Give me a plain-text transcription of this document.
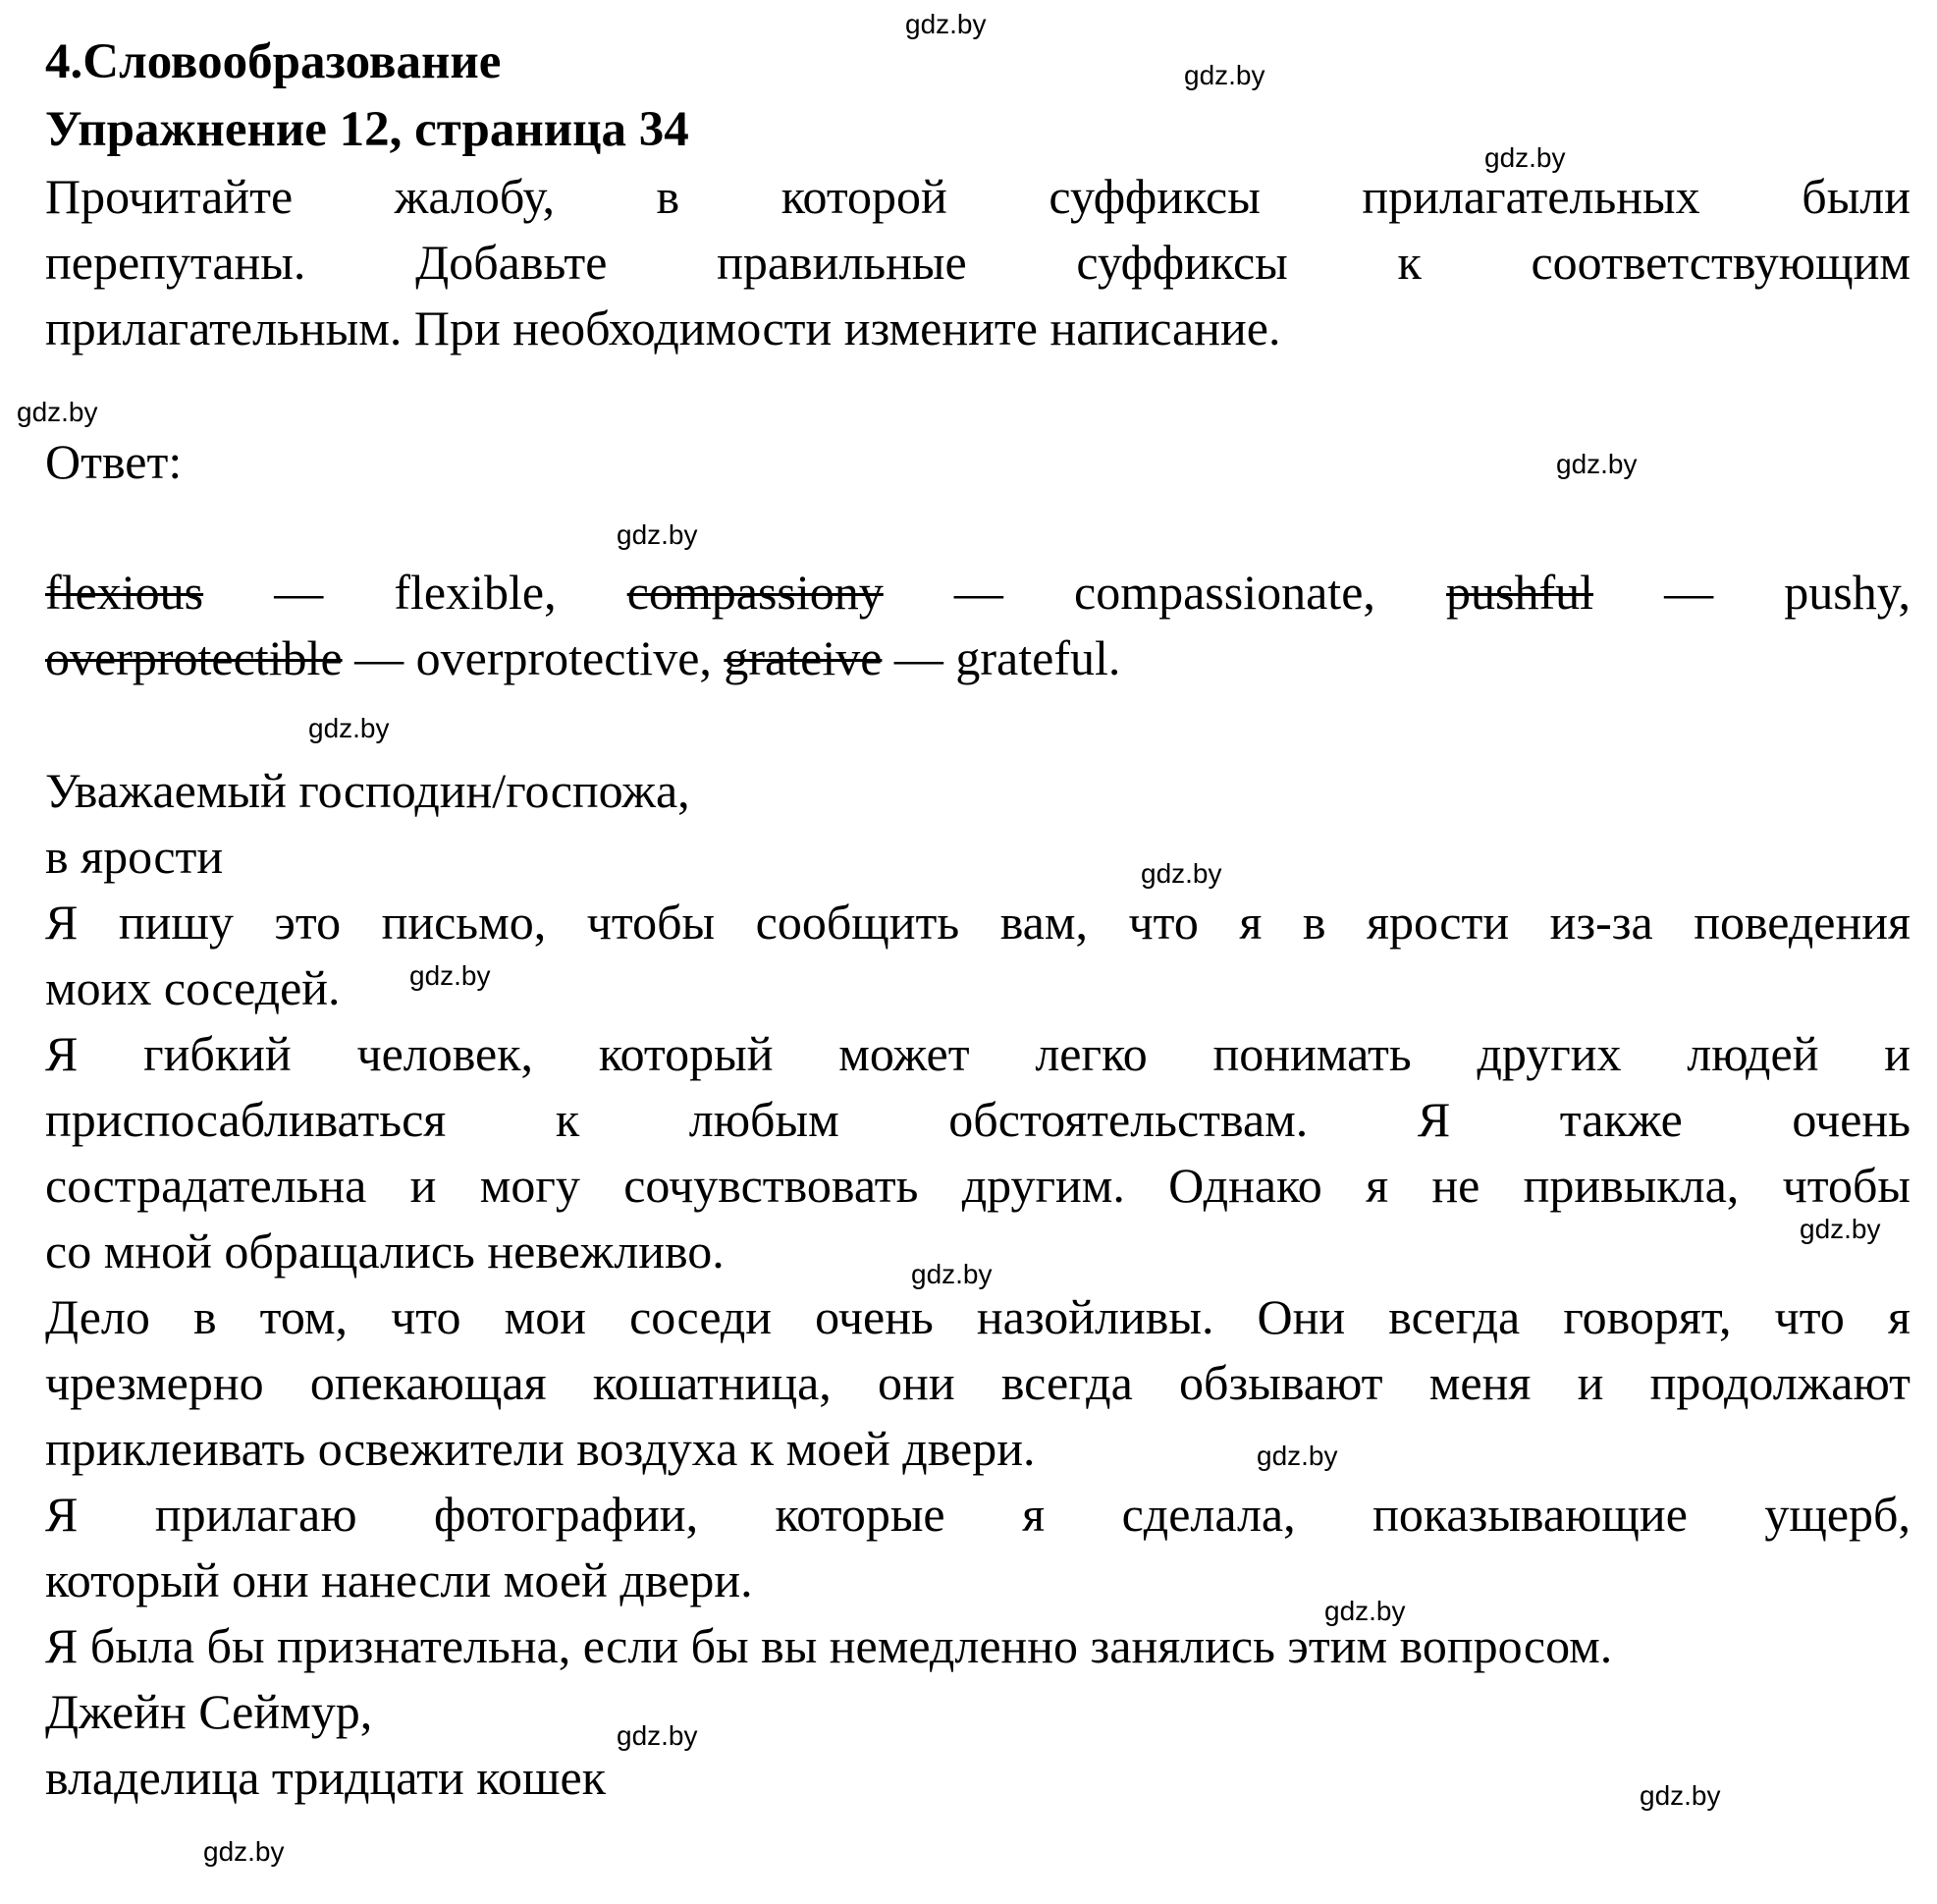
4.Словообразование
Упражнение 12, страница 34
Прочитайте жалобу, в которой суффиксы прилагательных были
перепутаны. Добавьте правильные суффиксы к соответствующим
прилагательным. При необходимости измените написание.
Ответ:
flexious — flexible, compassiony — compassionate, pushful — pushy,
overprotectible — overprotective, grateive — grateful.
Уважаемый господин/госпожа,
в ярости
Я пишу это письмо, чтобы сообщить вам, что я в ярости из-за поведения
моих соседей.
Я гибкий человек, который может легко понимать других людей и
приспосабливаться к любым обстоятельствам. Я также очень
сострадательна и могу сочувствовать другим. Однако я не привыкла, чтобы
со мной обращались невежливо.
Дело в том, что мои соседи очень назойливы. Они всегда говорят, что я
чрезмерно опекающая кошатница, они всегда обзывают меня и продолжают
приклеивать освежители воздуха к моей двери.
Я прилагаю фотографии, которые я сделала, показывающие ущерб,
который они нанесли моей двери.
Я была бы признательна, если бы вы немедленно занялись этим вопросом.
Джейн Сеймур,
владелица тридцати кошек
gdz.by
gdz.by
gdz.by
gdz.by
gdz.by
gdz.by
gdz.by
gdz.by
gdz.by
gdz.by
gdz.by
gdz.by
gdz.by
gdz.by
gdz.by
gdz.by
